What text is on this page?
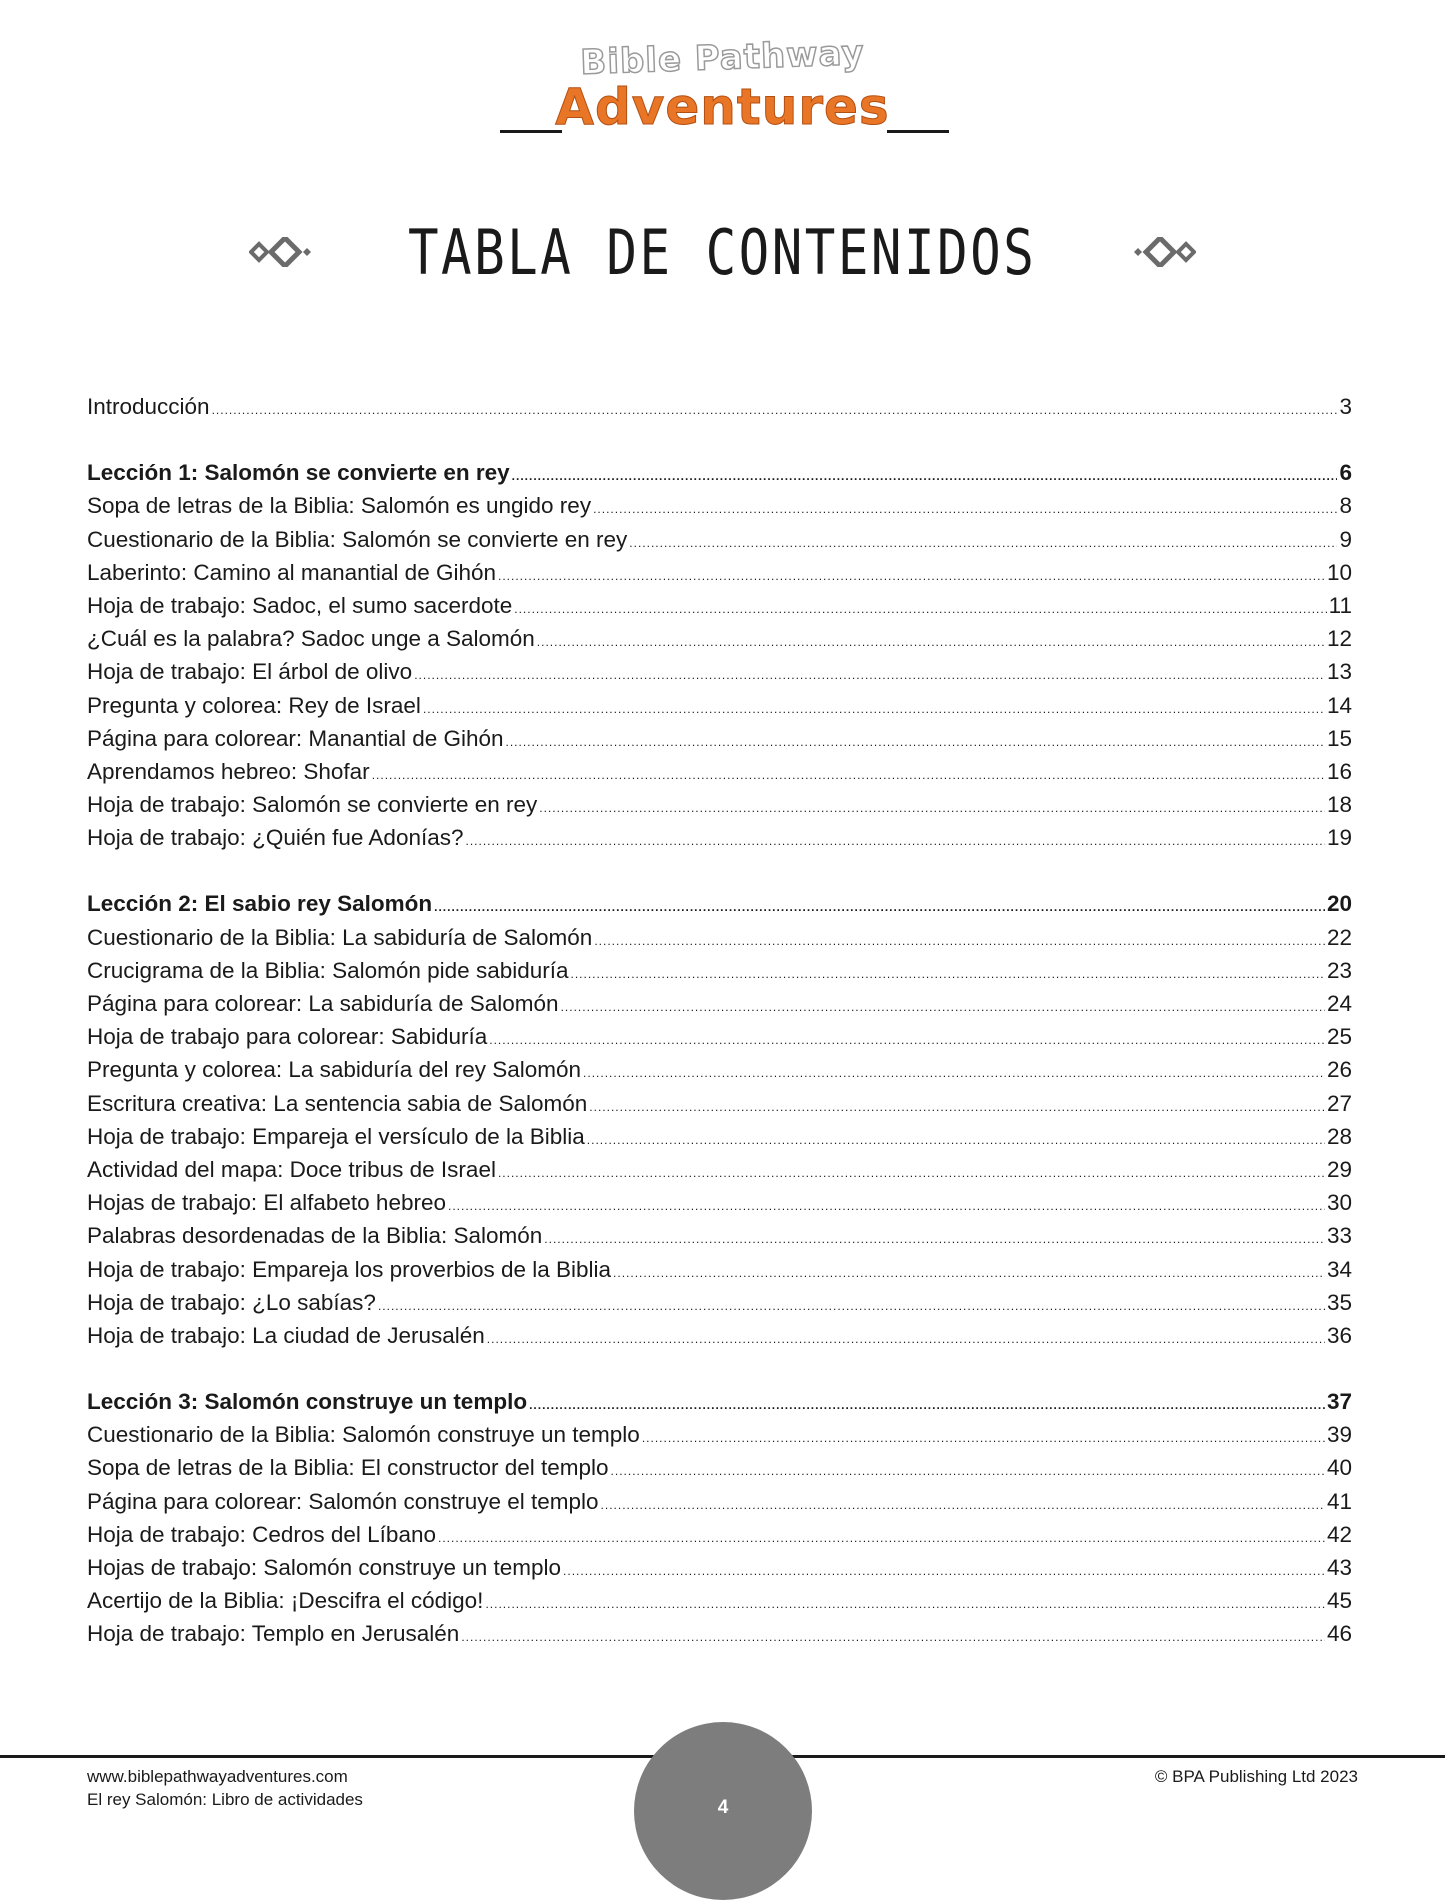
Bible Pathway
Adventures
TABLA DE CONTENIDOS
Introducción .....	3
Lección 1: Salomón se convierte en rey .....	6
Sopa de letras de la Biblia: Salomón es ungido rey .....	8
Cuestionario de la Biblia: Salomón se convierte en rey .....	9
Laberinto: Camino al manantial de Gihón .....	10
Hoja de trabajo: Sadoc, el sumo sacerdote .....	11
¿Cuál es la palabra? Sadoc unge a Salomón .....	12
Hoja de trabajo: El árbol de olivo .....	13
Pregunta y colorea: Rey de Israel .....	14
Página para colorear: Manantial de Gihón .....	15
Aprendamos hebreo: Shofar .....	16
Hoja de trabajo: Salomón se convierte en rey .....	18
Hoja de trabajo: ¿Quién fue Adonías? .....	19
Lección 2: El sabio rey Salomón .....	20
Cuestionario de la Biblia: La sabiduría de Salomón .....	22
Crucigrama de la Biblia: Salomón pide sabiduría .....	23
Página para colorear: La sabiduría de Salomón .....	24
Hoja de trabajo para colorear: Sabiduría .....	25
Pregunta y colorea: La sabiduría del rey Salomón .....	26
Escritura creativa: La sentencia sabia de Salomón .....	27
Hoja de trabajo: Empareja el versículo de la Biblia .....	28
Actividad del mapa: Doce tribus de Israel .....	29
Hojas de trabajo: El alfabeto hebreo .....	30
Palabras desordenadas de la Biblia: Salomón .....	33
Hoja de trabajo: Empareja los proverbios de la Biblia .....	34
Hoja de trabajo: ¿Lo sabías? .....	35
Hoja de trabajo: La ciudad de Jerusalén .....	36
Lección 3: Salomón construye un templo .....	37
Cuestionario de la Biblia: Salomón construye un templo .....	39
Sopa de letras de la Biblia: El constructor del templo .....	40
Página para colorear: Salomón construye el templo .....	41
Hoja de trabajo: Cedros del Líbano .....	42
Hojas de trabajo: Salomón construye un templo .....	43
Acertijo de la Biblia: ¡Descifra el código! .....	45
Hoja de trabajo: Templo en Jerusalén .....	46
www.biblepathwayadventures.com
El rey Salomón: Libro de actividades
© BPA Publishing Ltd 2023
4
